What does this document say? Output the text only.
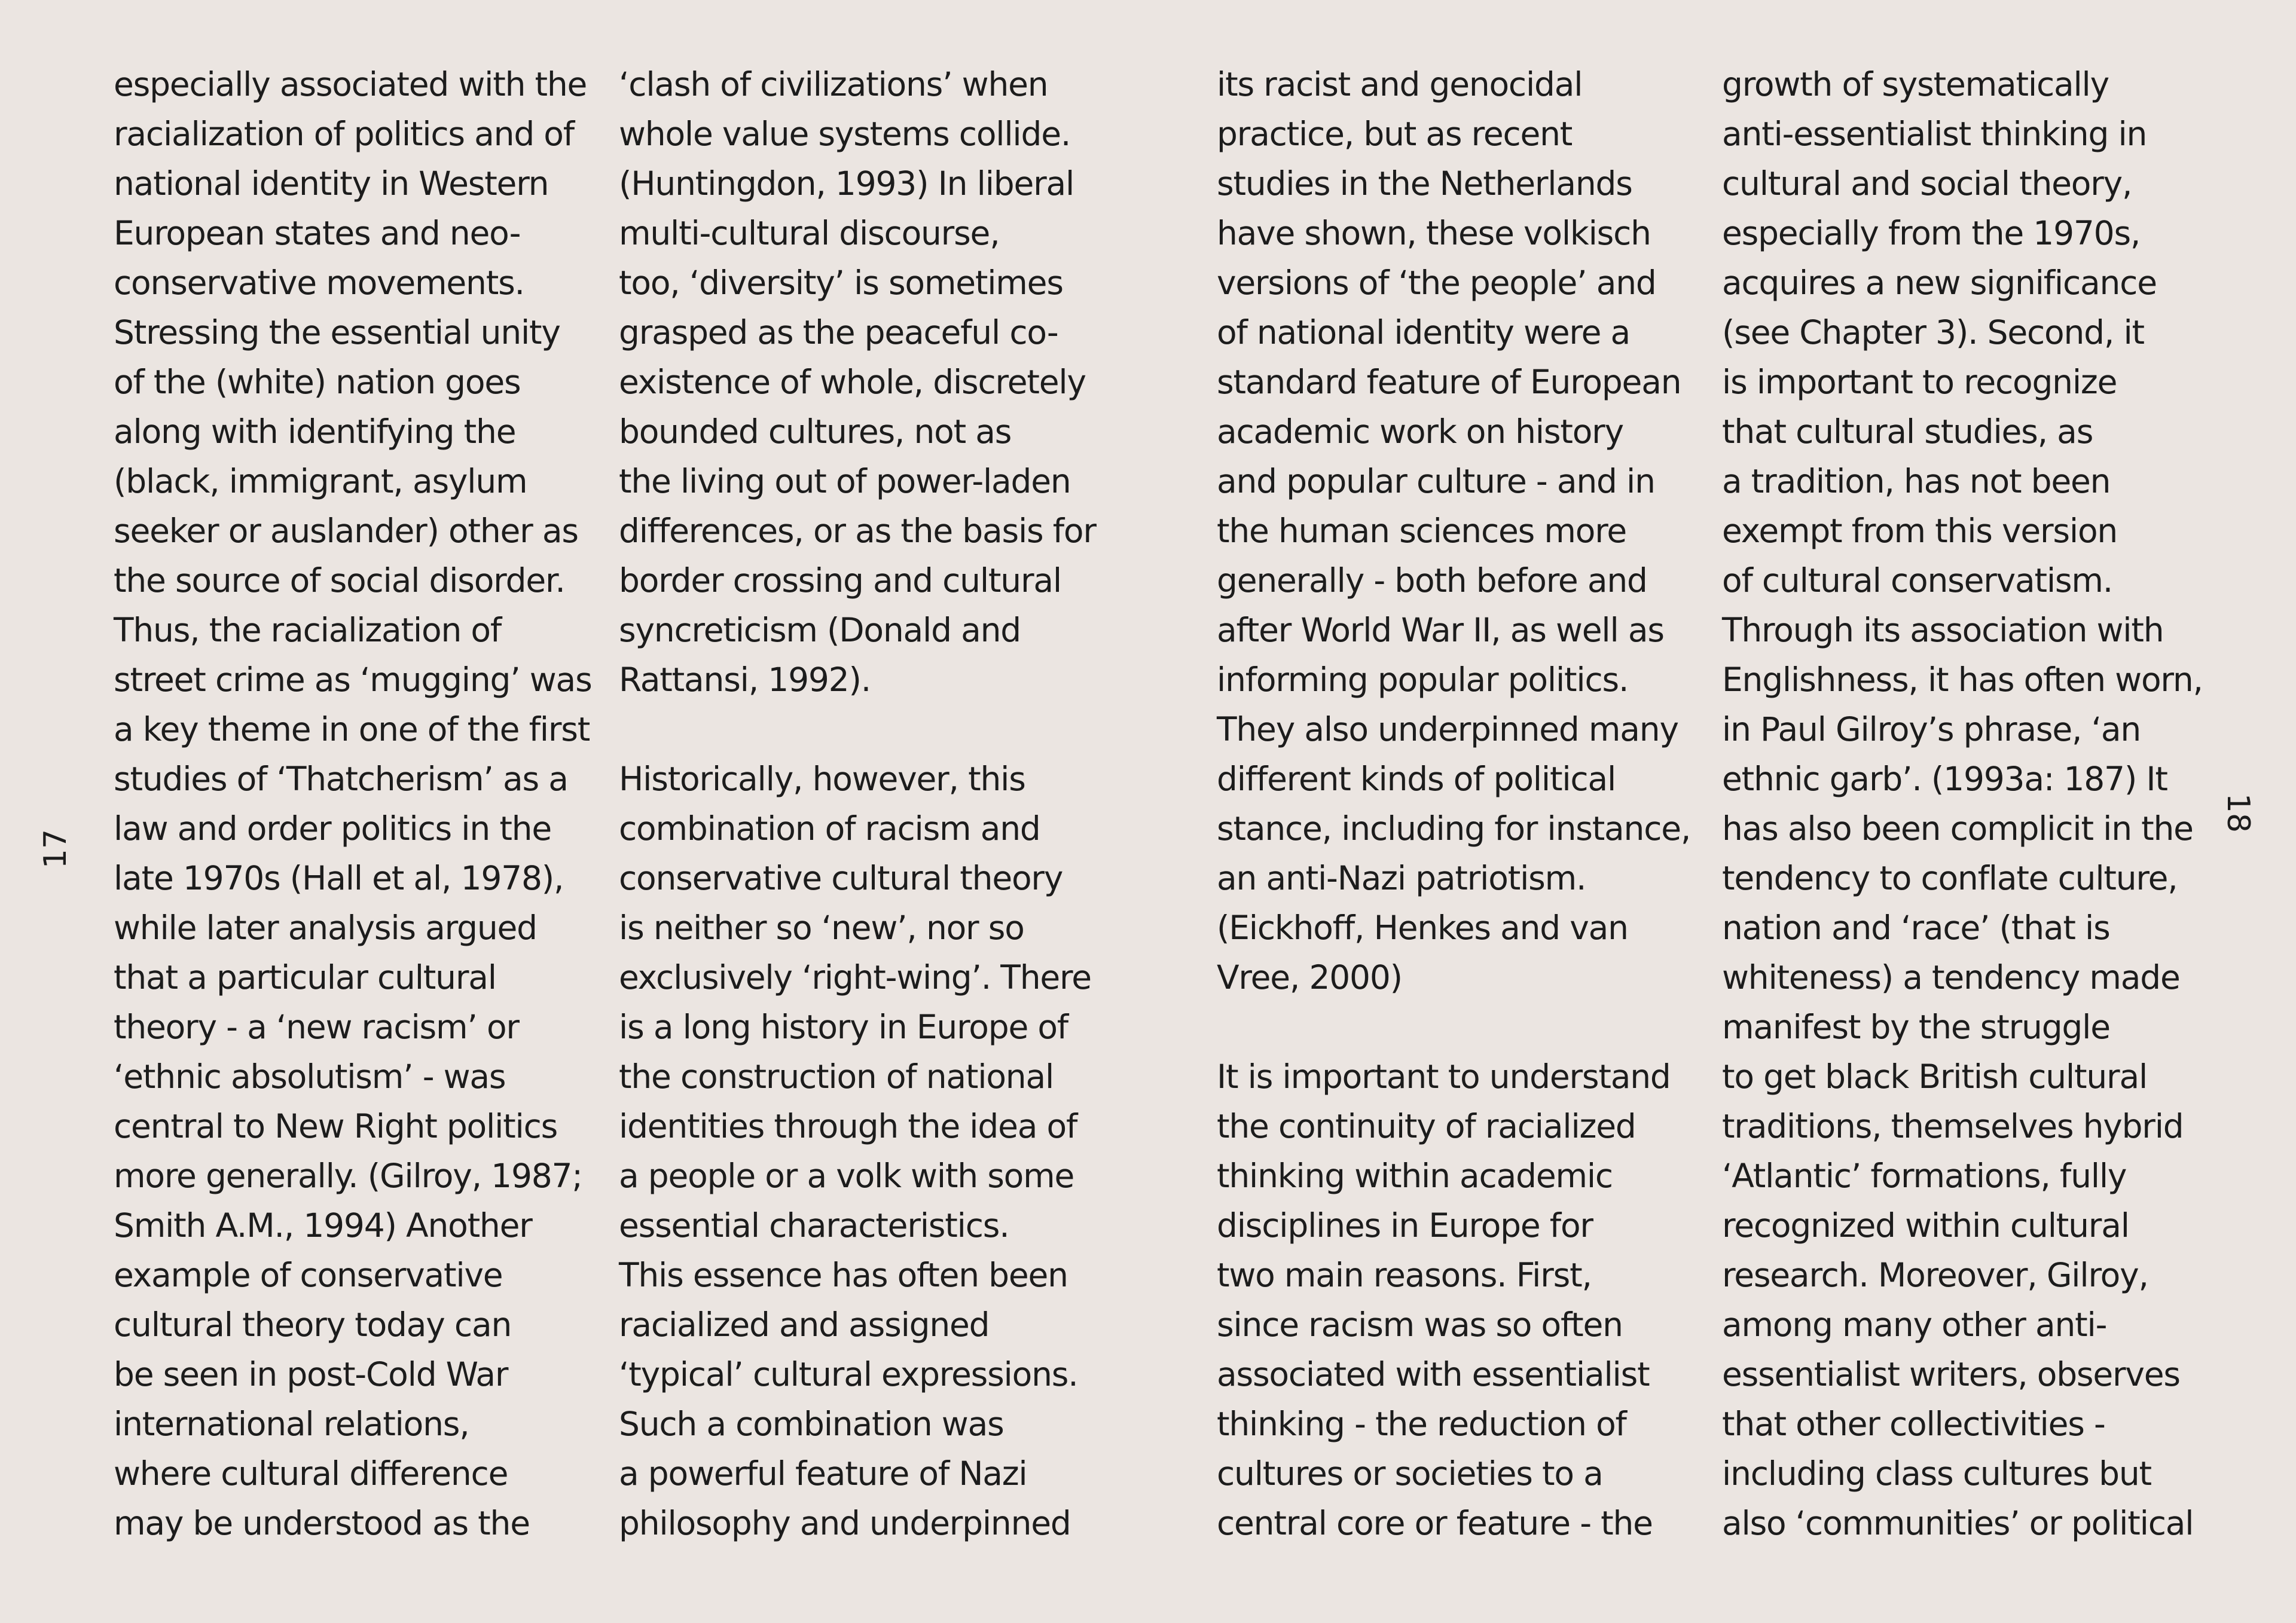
17

especially associated with the
racialization of politics and of
national identity in Western
European states and neo-
conservative movements.
Stressing the essential unity
of the (white) nation goes
along with identifying the
(black, immigrant, asylum
seeker or auslander) other as
the source of social disorder.
Thus, the racialization of
street crime as ‘mugging’ was
a key theme in one of the first
studies of ‘Thatcherism’ as a
law and order politics in the
late 1970s (Hall et al, 1978),
while later analysis argued
that a particular cultural
theory - a ‘new racism’ or
‘ethnic absolutism’ - was
central to New Right politics
more generally. (Gilroy, 1987;
Smith A.M., 1994) Another
example of conservative
cultural theory today can
be seen in post-Cold War
international relations,
where cultural difference
may be understood as the

‘clash of civilizations’ when
whole value systems collide.
(Huntingdon, 1993) In liberal
multi-cultural discourse,
too, ‘diversity’ is sometimes
grasped as the peaceful co-
existence of whole, discretely
bounded cultures, not as
the living out of power-laden
differences, or as the basis for
border crossing and cultural
syncreticism (Donald and
Rattansi, 1992).

Historically, however, this
combination of racism and
conservative cultural theory
is neither so ‘new’, nor so
exclusively ‘right-wing’. There
is a long history in Europe of
the construction of national
identities through the idea of
a people or a volk with some
essential characteristics.
This essence has often been
racialized and assigned
‘typical’ cultural expressions.
Such a combination was
a powerful feature of Nazi
philosophy and underpinned

18

its racist and genocidal
practice, but as recent
studies in the Netherlands
have shown, these volkisch
versions of ‘the people’ and
of national identity were a
standard feature of European
academic work on history
and popular culture - and in
the human sciences more
generally - both before and
after World War II, as well as
informing popular politics.
They also underpinned many
different kinds of political
stance, including for instance,
an anti-Nazi patriotism.
(Eickhoff, Henkes and van
Vree, 2000)

It is important to understand
the continuity of racialized
thinking within academic
disciplines in Europe for
two main reasons. First,
since racism was so often
associated with essentialist
thinking - the reduction of
cultures or societies to a
central core or feature - the

growth of systematically
anti-essentialist thinking in
cultural and social theory,
especially from the 1970s,
acquires a new significance
(see Chapter 3). Second, it
is important to recognize
that cultural studies, as
a tradition, has not been
exempt from this version
of cultural conservatism.
Through its association with
Englishness, it has often worn,
in Paul Gilroy’s phrase, ‘an
ethnic garb’. (1993a: 187) It
has also been complicit in the
tendency to conflate culture,
nation and ‘race’ (that is
whiteness) a tendency made
manifest by the struggle
to get black British cultural
traditions, themselves hybrid
‘Atlantic’ formations, fully
recognized within cultural
research. Moreover, Gilroy,
among many other anti-
essentialist writers, observes
that other collectivities -
including class cultures but
also ‘communities’ or political
